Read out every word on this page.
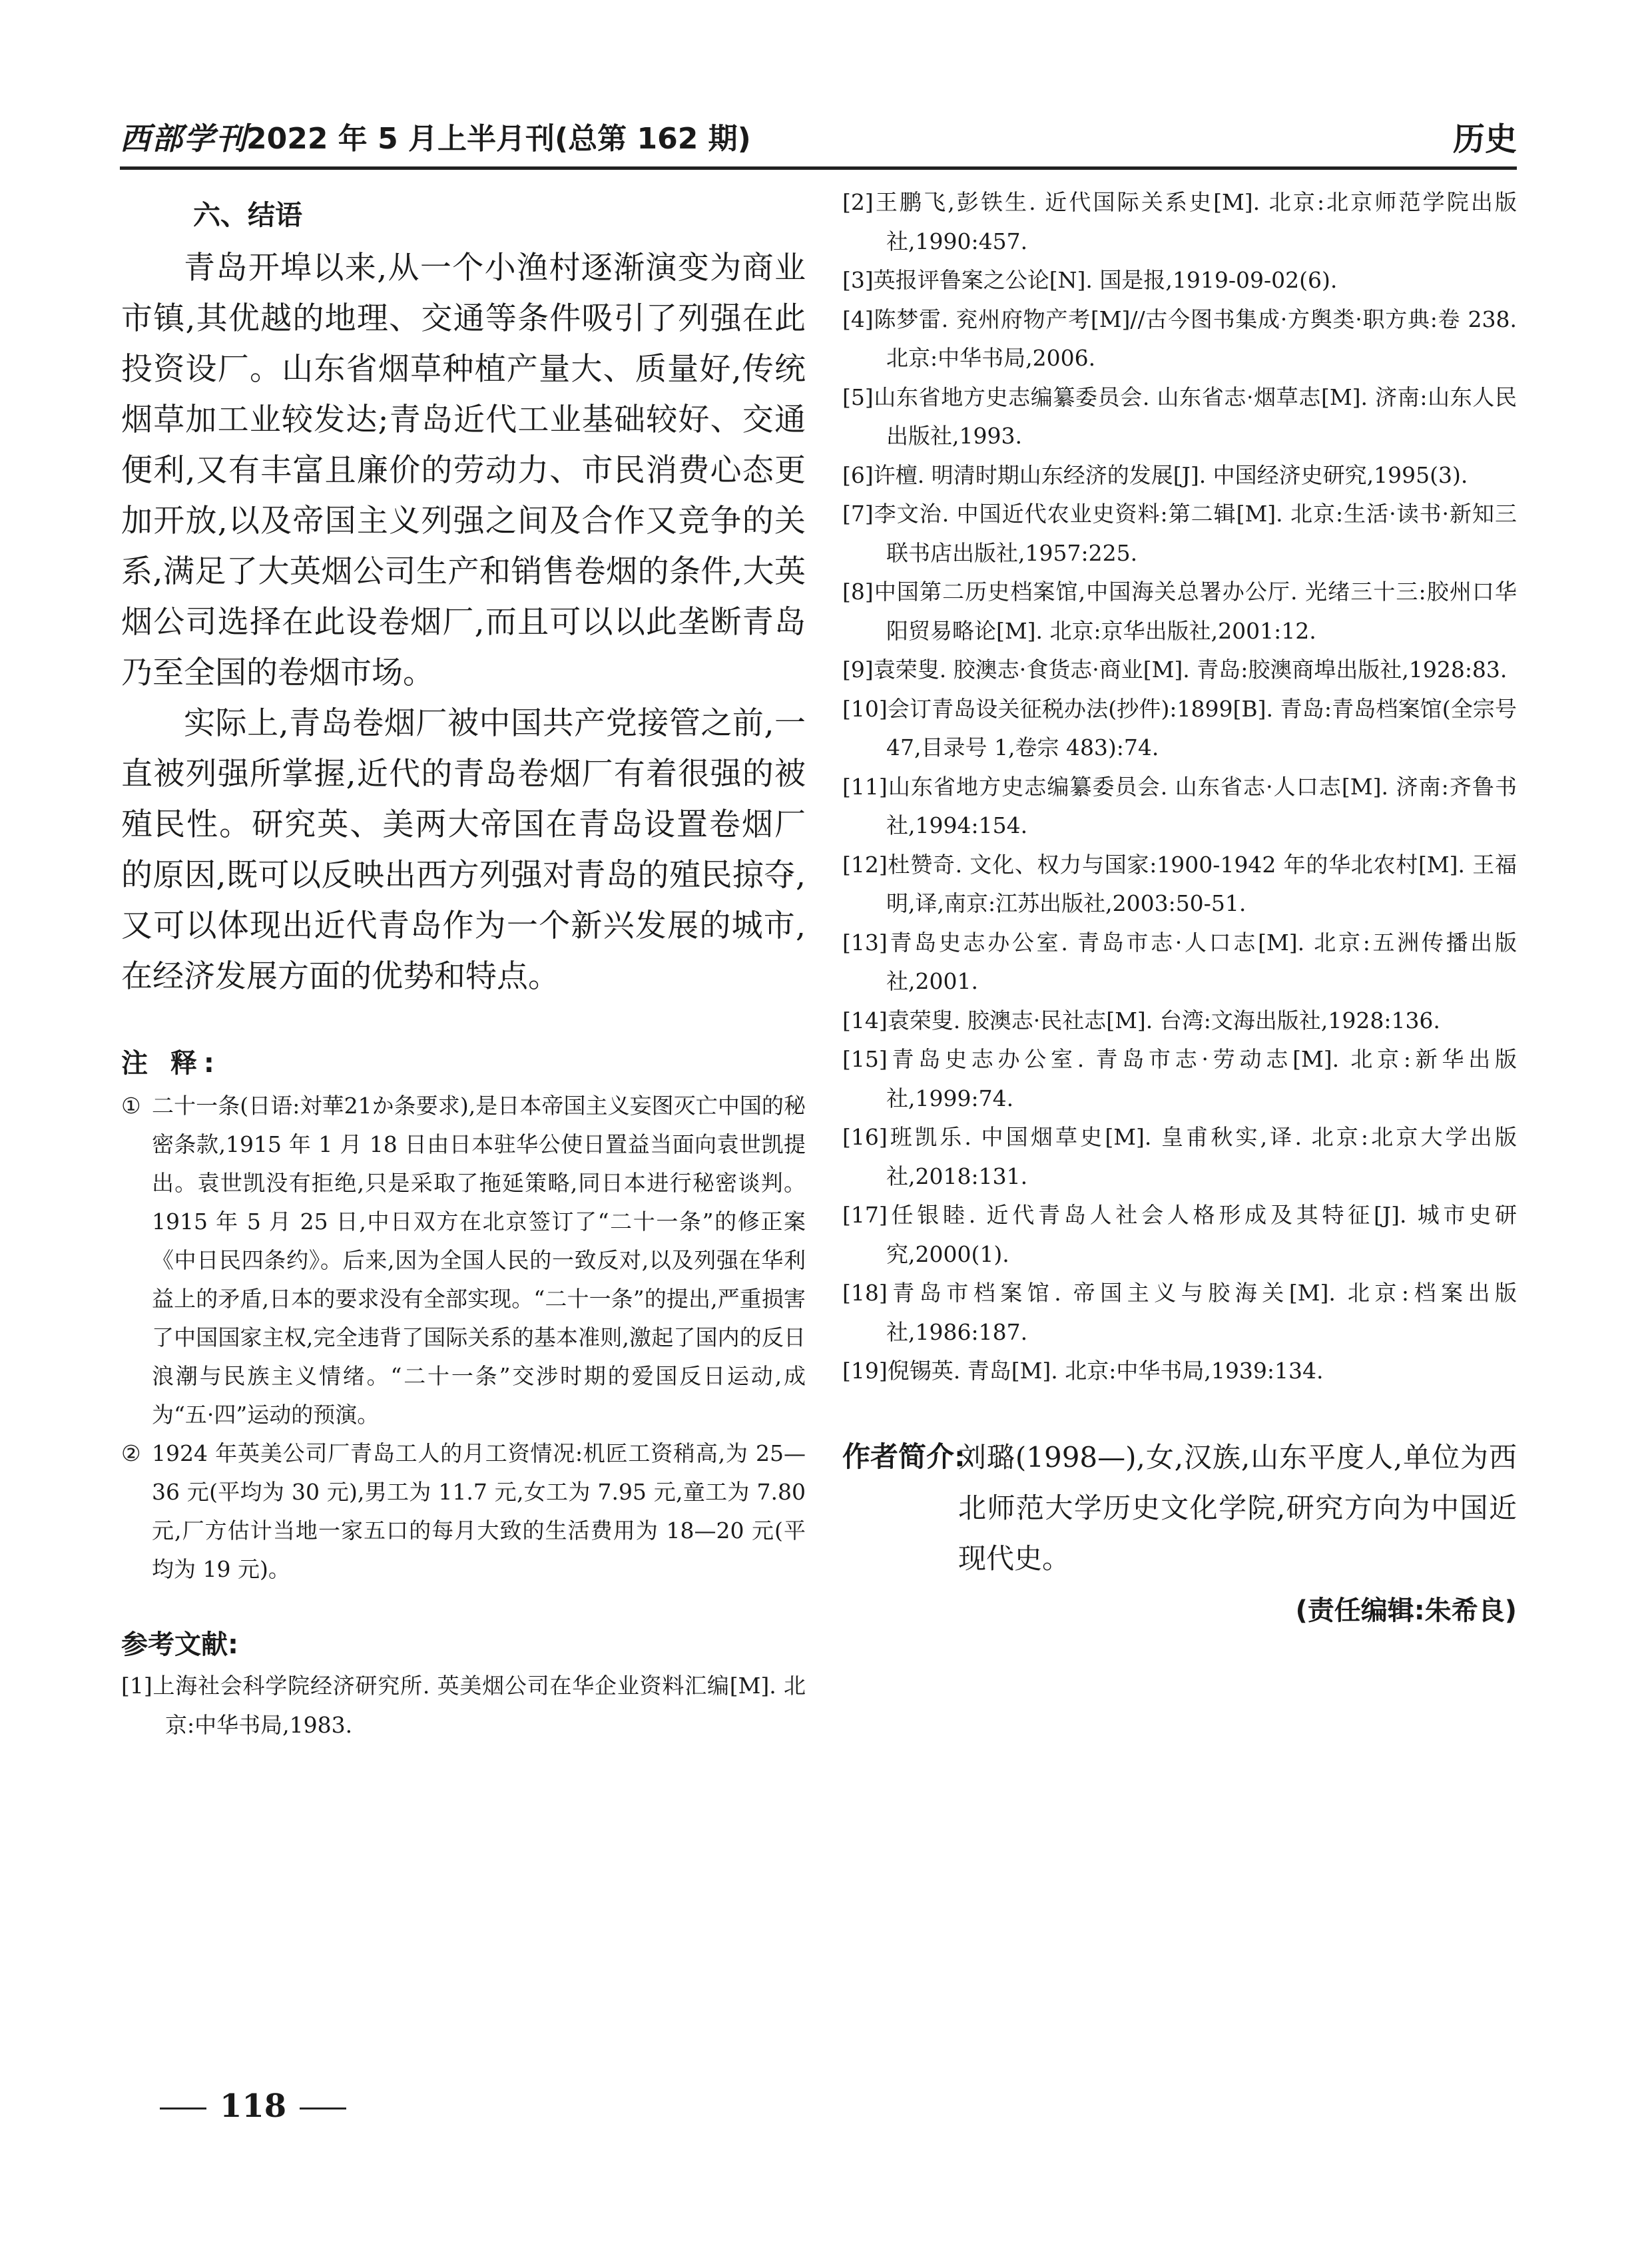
西部学刊
2022 年 5 月上半月刊(总第 162 期)	历史
六、结语

青岛开埠以来,从一个小渔村逐渐演变为商业市镇,其优越的地理、交通等条件吸引了列强在此投资设厂。山东省烟草种植产量大、质量好,传统烟草加工业较发达;青岛近代工业基础较好、交通便利,又有丰富且廉价的劳动力、市民消费心态更加开放,以及帝国主义列强之间及合作又竞争的关系,满足了大英烟公司生产和销售卷烟的条件,大英烟公司选择在此设卷烟厂,而且可以以此垄断青岛乃至全国的卷烟市场。

实际上,青岛卷烟厂被中国共产党接管之前,一直被列强所掌握,近代的青岛卷烟厂有着很强的被殖民性。研究英、美两大帝国在青岛设置卷烟厂的原因,既可以反映出西方列强对青岛的殖民掠夺,又可以体现出近代青岛作为一个新兴发展的城市,在经济发展方面的优势和特点。

注 释:

① 二十一条(日语:対華21か条要求),是日本帝国主义妄图灭亡中国的秘密条款,1915 年 1 月 18 日由日本驻华公使日置益当面向袁世凯提出。袁世凯没有拒绝,只是采取了拖延策略,同日本进行秘密谈判。1915 年 5 月 25 日,中日双方在北京签订了“二十一条”的修正案《中日民四条约》。后来,因为全国人民的一致反对,以及列强在华利益上的矛盾,日本的要求没有全部实现。“二十一条”的提出,严重损害了中国国家主权,完全违背了国际关系的基本准则,激起了国内的反日浪潮与民族主义情绪。“二十一条”交涉时期的爱国反日运动,成为“五·四”运动的预演。

② 1924 年英美公司厂青岛工人的月工资情况:机匠工资稍高,为 25—36 元(平均为 30 元),男工为 11.7 元,女工为 7.95 元,童工为 7.80 元,厂方估计当地一家五口的每月大致的生活费用为 18—20 元(平均为 19 元)。

参考文献:

[1]上海社会科学院经济研究所. 英美烟公司在华企业资料汇编[M]. 北京:中华书局,1983.

[2]王鹏飞,彭铁生. 近代国际关系史[M]. 北京:北京师范学院出版社,1990:457.

[3]英报评鲁案之公论[N]. 国是报,1919-09-02(6).

[4]陈梦雷. 兖州府物产考[M]//古今图书集成·方舆类·职方典:卷 238. 北京:中华书局,2006.

[5]山东省地方史志编纂委员会. 山东省志·烟草志[M]. 济南:山东人民出版社,1993.

[6]许檀. 明清时期山东经济的发展[J]. 中国经济史研究,1995(3).

[7]李文治. 中国近代农业史资料:第二辑[M]. 北京:生活·读书·新知三联书店出版社,1957:225.

[8]中国第二历史档案馆,中国海关总署办公厅. 光绪三十三:胶州口华阳贸易略论[M]. 北京:京华出版社,2001:12.

[9]袁荣叟. 胶澳志·食货志·商业[M]. 青岛:胶澳商埠出版社,1928:83.

[10]会订青岛设关征税办法(抄件):1899[B]. 青岛:青岛档案馆(全宗号 47,目录号 1,卷宗 483):74.

[11]山东省地方史志编纂委员会. 山东省志·人口志[M]. 济南:齐鲁书社,1994:154.

[12]杜赞奇. 文化、权力与国家:1900-1942 年的华北农村[M]. 王福明,译,南京:江苏出版社,2003:50-51.

[13]青岛史志办公室. 青岛市志·人口志[M]. 北京:五洲传播出版社,2001.

[14]袁荣叟. 胶澳志·民社志[M]. 台湾:文海出版社,1928:136.

[15]青岛史志办公室. 青岛市志·劳动志[M]. 北京:新华出版社,1999:74.

[16]班凯乐. 中国烟草史[M]. 皇甫秋实,译. 北京:北京大学出版社,2018:131.

[17]任银睦. 近代青岛人社会人格形成及其特征[J]. 城市史研究,2000(1).

[18]青岛市档案馆. 帝国主义与胶海关[M]. 北京:档案出版社,1986:187.

[19]倪锡英. 青岛[M]. 北京:中华书局,1939:134.

作者简介:
刘璐(1998—),女,汉族,山东平度人,单位为西北师范大学历史文化学院,研究方向为中国近现代史。
(责任编辑:朱希良)
118
